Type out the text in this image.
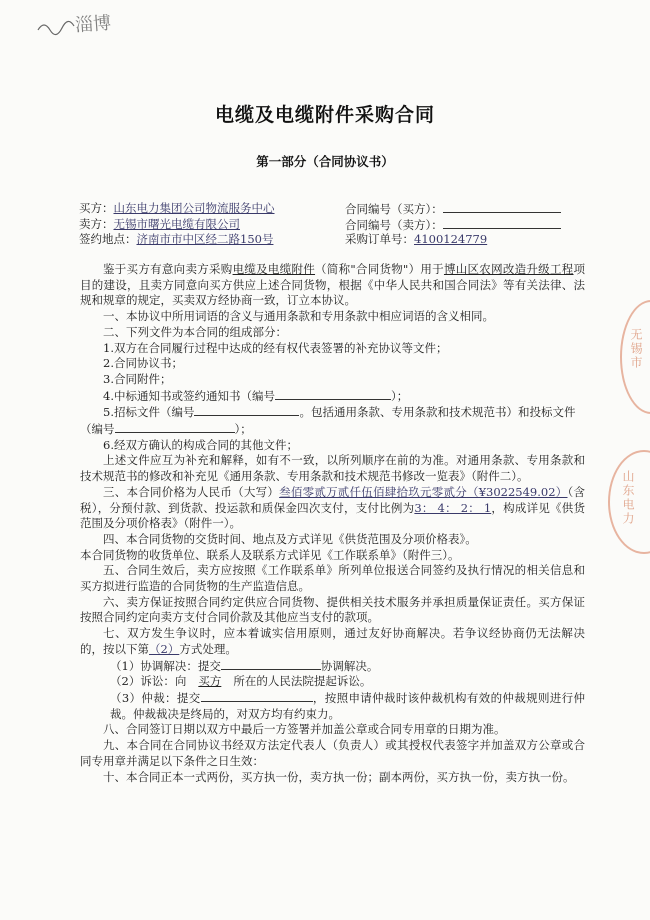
淄博
电缆及电缆附件采购合同
第一部分（合同协议书）
买方：山东电力集团公司物流服务中心
卖方：无锡市曙光电缆有限公司
签约地点：济南市市中区经二路150号
合同编号（买方）：
合同编号（卖方）：
采购订单号：4100124779

鉴于买方有意向卖方采购电缆及电缆附件（简称"合同货物"）用于博山区农网改造升级工程项目的建设，且卖方同意向买方供应上述合同货物，根据《中华人民共和国合同法》等有关法律、法规和规章的规定，买卖双方经协商一致，订立本协议。

一、本协议中所用词语的含义与通用条款和专用条款中相应词语的含义相同。

二、下列文件为本合同的组成部分：

1.双方在合同履行过程中达成的经有权代表签署的补充协议等文件；

2.合同协议书；

3.合同附件；

4.中标通知书或签约通知书（编号	）；

5.招标文件（编号	。包括通用条款、专用条款和技术规范书）和投标文件

（编号	）；

6.经双方确认的构成合同的其他文件；

上述文件应互为补充和解释，如有不一致，以所列顺序在前的为准。对通用条款、专用条款和技术规范书的修改和补充见《通用条款、专用条款和技术规范书修改一览表》（附件二）。

三、本合同价格为人民币（大写）叁佰零贰万贰仟伍佰肆拾玖元零贰分（¥3022549.02）（含税），分预付款、到货款、投运款和质保金四次支付，支付比例为3： 4： 2： 1，构成详见《供货范围及分项价格表》（附件一）。

四、本合同货物的交货时间、地点及方式详见《供货范围及分项价格表》。

本合同货物的收货单位、联系人及联系方式详见《工作联系单》（附件三）。

五、合同生效后，卖方应按照《工作联系单》所列单位报送合同签约及执行情况的相关信息和买方拟进行监造的合同货物的生产监造信息。

六、卖方保证按照合同约定供应合同货物、提供相关技术服务并承担质量保证责任。买方保证按照合同约定向卖方支付合同价款及其他应当支付的款项。

七、双方发生争议时，应本着诚实信用原则，通过友好协商解决。若争议经协商仍无法解决的，按以下第（2）方式处理。

（1）协调解决：提交	协调解决。

（2）诉讼：向 买方 所在的人民法院提起诉讼。

（3）仲裁：提交	，按照申请仲裁时该仲裁机构有效的仲裁规则进行仲裁。仲裁裁决是终局的，对双方均有约束力。

八、合同签订日期以双方中最后一方签署并加盖公章或合同专用章的日期为准。

九、本合同在合同协议书经双方法定代表人（负责人）或其授权代表签字并加盖双方公章或合同专用章并满足以下条件之日生效：

十、本合同正本一式两份，买方执一份，卖方执一份；副本两份，买方执一份，卖方执一份。

无锡市
山东电力
